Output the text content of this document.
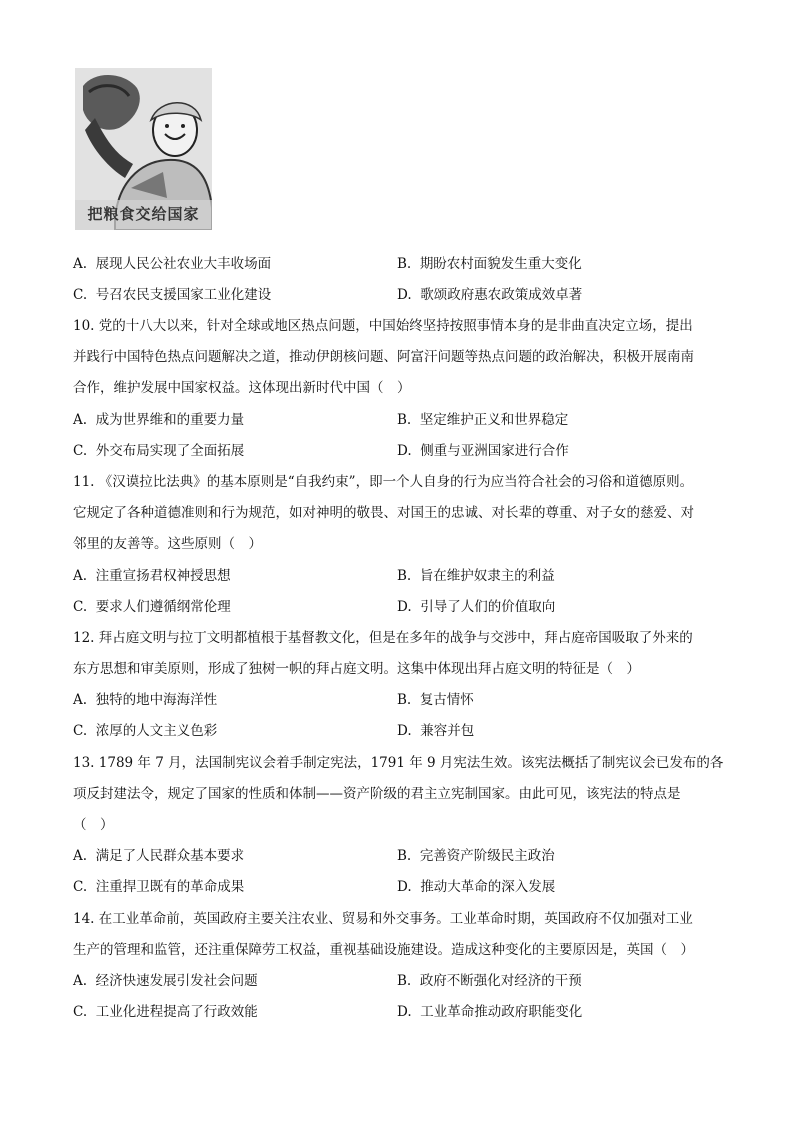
把粮食交给国家
A. 展现人民公社农业大丰收场面	B. 期盼农村面貌发生重大变化
C. 号召农民支援国家工业化建设	D. 歌颂政府惠农政策成效卓著
10. 党的十八大以来，针对全球或地区热点问题，中国始终坚持按照事情本身的是非曲直决定立场，提出
并践行中国特色热点问题解决之道，推动伊朗核问题、阿富汗问题等热点问题的政治解决，积极开展南南
合作，维护发展中国家权益。这体现出新时代中国（　）
A. 成为世界维和的重要力量	B. 坚定维护正义和世界稳定
C. 外交布局实现了全面拓展	D. 侧重与亚洲国家进行合作
11. 《汉谟拉比法典》的基本原则是“自我约束”，即一个人自身的行为应当符合社会的习俗和道德原则。
它规定了各种道德准则和行为规范，如对神明的敬畏、对国王的忠诚、对长辈的尊重、对子女的慈爱、对
邻里的友善等。这些原则（　）
A. 注重宣扬君权神授思想	B. 旨在维护奴隶主的利益
C. 要求人们遵循纲常伦理	D. 引导了人们的价值取向
12. 拜占庭文明与拉丁文明都植根于基督教文化，但是在多年的战争与交涉中，拜占庭帝国吸取了外来的
东方思想和审美原则，形成了独树一帜的拜占庭文明。这集中体现出拜占庭文明的特征是（　）
A. 独特的地中海海洋性	B. 复古情怀
C. 浓厚的人文主义色彩	D. 兼容并包
13. 1789 年 7 月，法国制宪议会着手制定宪法，1791 年 9 月宪法生效。该宪法概括了制宪议会已发布的各
项反封建法令，规定了国家的性质和体制——资产阶级的君主立宪制国家。由此可见，该宪法的特点是
（　）
A. 满足了人民群众基本要求	B. 完善资产阶级民主政治
C. 注重捍卫既有的革命成果	D. 推动大革命的深入发展
14. 在工业革命前，英国政府主要关注农业、贸易和外交事务。工业革命时期，英国政府不仅加强对工业
生产的管理和监管，还注重保障劳工权益，重视基础设施建设。造成这种变化的主要原因是，英国（　）
A. 经济快速发展引发社会问题	B. 政府不断强化对经济的干预
C. 工业化进程提高了行政效能	D. 工业革命推动政府职能变化
